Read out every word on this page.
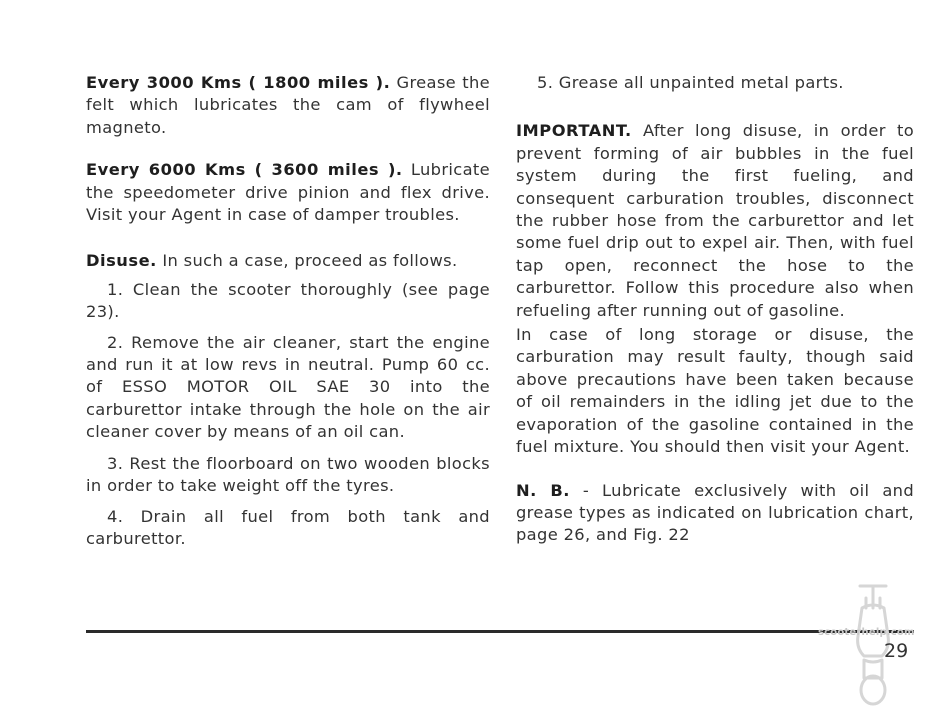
Every 3000 Kms ( 1800 miles ). Grease the felt which lubricates the cam of flywheel magneto.

Every 6000 Kms ( 3600 miles ). Lubricate the speedometer drive pinion and flex drive. Visit your Agent in case of damper troubles.

Disuse. In such a case, proceed as follows.

1. Clean the scooter thoroughly (see page 23).

2. Remove the air cleaner, start the engine and run it at low revs in neutral. Pump 60 cc. of ESSO MOTOR OIL SAE 30 into the carburettor intake through the hole on the air cleaner cover by means of an oil can.

3. Rest the floorboard on two wooden blocks in order to take weight off the tyres.

4. Drain all fuel from both tank and carburettor.

5. Grease all unpainted metal parts.

IMPORTANT. After long disuse, in order to prevent forming of air bubbles in the fuel system during the first fueling, and consequent carburation troubles, disconnect the rubber hose from the carburettor and let some fuel drip out to expel air. Then, with fuel tap open, reconnect the hose to the carburettor. Follow this procedure also when refueling after running out of gasoline.

In case of long storage or disuse, the carburation may result faulty, though said above precautions have been taken because of oil remainders in the idling jet due to the evaporation of the gasoline contained in the fuel mixture. You should then visit your Agent.

N. B. - Lubricate exclusively with oil and grease types as indicated on lubrication chart, page 26, and Fig. 22

scooterhelp.com
29
